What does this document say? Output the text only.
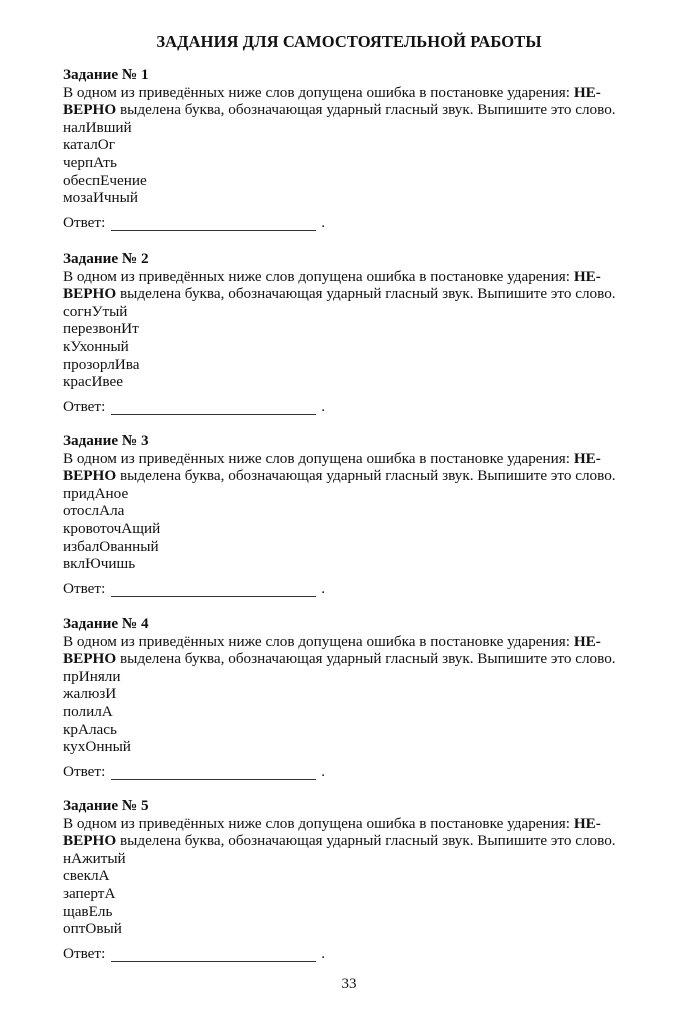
ЗАДАНИЯ ДЛЯ САМОСТОЯТЕЛЬНОЙ РАБОТЫ
Задание № 1
В одном из приведённых ниже слов допущена ошибка в постановке ударения: НЕ-
ВЕРНО выделена буква, обозначающая ударный гласный звук. Выпишите это слово.
налИвший
каталОг
черпАть
обеспЕчение
мозаИчный
Ответ:	.
Задание № 2
В одном из приведённых ниже слов допущена ошибка в постановке ударения: НЕ-
ВЕРНО выделена буква, обозначающая ударный гласный звук. Выпишите это слово.
согнУтый
перезвонИт
кУхонный
прозорлИва
красИвее
Ответ:	.
Задание № 3
В одном из приведённых ниже слов допущена ошибка в постановке ударения: НЕ-
ВЕРНО выделена буква, обозначающая ударный гласный звук. Выпишите это слово.
придАное
отослАла
кровоточАщий
избалОванный
вклЮчишь
Ответ:	.
Задание № 4
В одном из приведённых ниже слов допущена ошибка в постановке ударения: НЕ-
ВЕРНО выделена буква, обозначающая ударный гласный звук. Выпишите это слово.
прИняли
жалюзИ
полилА
крАлась
кухОнный
Ответ:	.
Задание № 5
В одном из приведённых ниже слов допущена ошибка в постановке ударения: НЕ-
ВЕРНО выделена буква, обозначающая ударный гласный звук. Выпишите это слово.
нАжитый
свеклА
запертА
щавЕль
оптОвый
Ответ:	.
33
